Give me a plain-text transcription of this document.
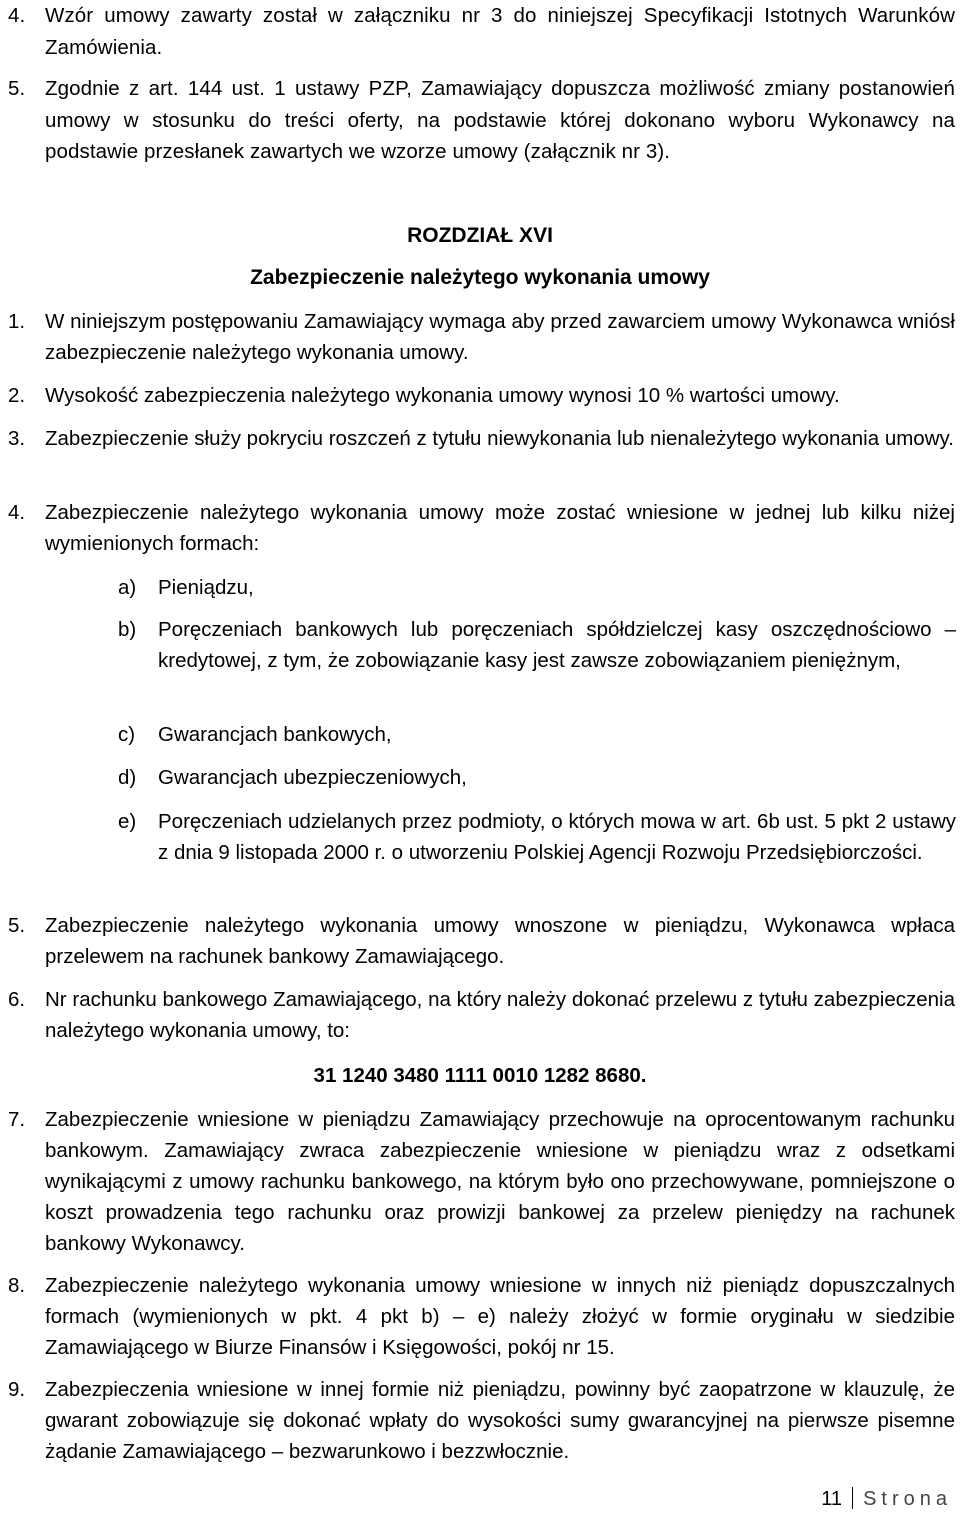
4. Wzór umowy zawarty został w załączniku nr 3 do niniejszej Specyfikacji Istotnych Warunków Zamówienia.
5. Zgodnie z art. 144 ust. 1 ustawy PZP, Zamawiający dopuszcza możliwość zmiany postanowień umowy w stosunku do treści oferty, na podstawie której dokonano wyboru Wykonawcy na podstawie przesłanek zawartych we wzorze umowy (załącznik nr 3).
ROZDZIAŁ XVI
Zabezpieczenie należytego wykonania umowy
1. W niniejszym postępowaniu Zamawiający wymaga aby przed zawarciem umowy Wykonawca wniósł zabezpieczenie należytego wykonania umowy.
2. Wysokość zabezpieczenia należytego wykonania umowy wynosi 10 % wartości umowy.
3. Zabezpieczenie służy pokryciu roszczeń z tytułu niewykonania lub nienależytego wykonania umowy.
4. Zabezpieczenie należytego wykonania umowy może zostać wniesione w jednej lub kilku niżej wymienionych formach:
a)	Pieniądzu,
b)	Poręczeniach bankowych lub poręczeniach spółdzielczej kasy oszczędnościowo – kredytowej, z tym, że zobowiązanie kasy jest zawsze zobowiązaniem pieniężnym,
c)	Gwarancjach bankowych,
d)	Gwarancjach ubezpieczeniowych,
e)	Poręczeniach udzielanych przez podmioty, o których mowa w art. 6b ust. 5 pkt 2 ustawy z dnia 9 listopada 2000 r. o utworzeniu Polskiej Agencji Rozwoju Przedsiębiorczości.
5. Zabezpieczenie należytego wykonania umowy wnoszone w pieniądzu, Wykonawca wpłaca przelewem na rachunek bankowy Zamawiającego.
6. Nr rachunku bankowego Zamawiającego, na który należy dokonać przelewu z tytułu zabezpieczenia należytego wykonania umowy, to:
31 1240 3480 1111 0010 1282 8680.
7. Zabezpieczenie wniesione w pieniądzu Zamawiający przechowuje na oprocentowanym rachunku bankowym. Zamawiający zwraca zabezpieczenie wniesione w pieniądzu wraz z odsetkami wynikającymi z umowy rachunku bankowego, na którym było ono przechowywane, pomniejszone o koszt prowadzenia tego rachunku oraz prowizji bankowej za przelew pieniędzy na rachunek bankowy Wykonawcy.
8. Zabezpieczenie należytego wykonania umowy wniesione w innych niż pieniądz dopuszczalnych formach (wymienionych w pkt. 4 pkt b) – e) należy złożyć w formie oryginału w siedzibie Zamawiającego w Biurze Finansów i Księgowości, pokój nr 15.
9. Zabezpieczenia wniesione w innej formie niż pieniądzu, powinny być zaopatrzone w klauzulę, że gwarant zobowiązuje się dokonać wpłaty do wysokości sumy gwarancyjnej na pierwsze pisemne żądanie Zamawiającego – bezwarunkowo i bezzwłocznie.
11 Strona
